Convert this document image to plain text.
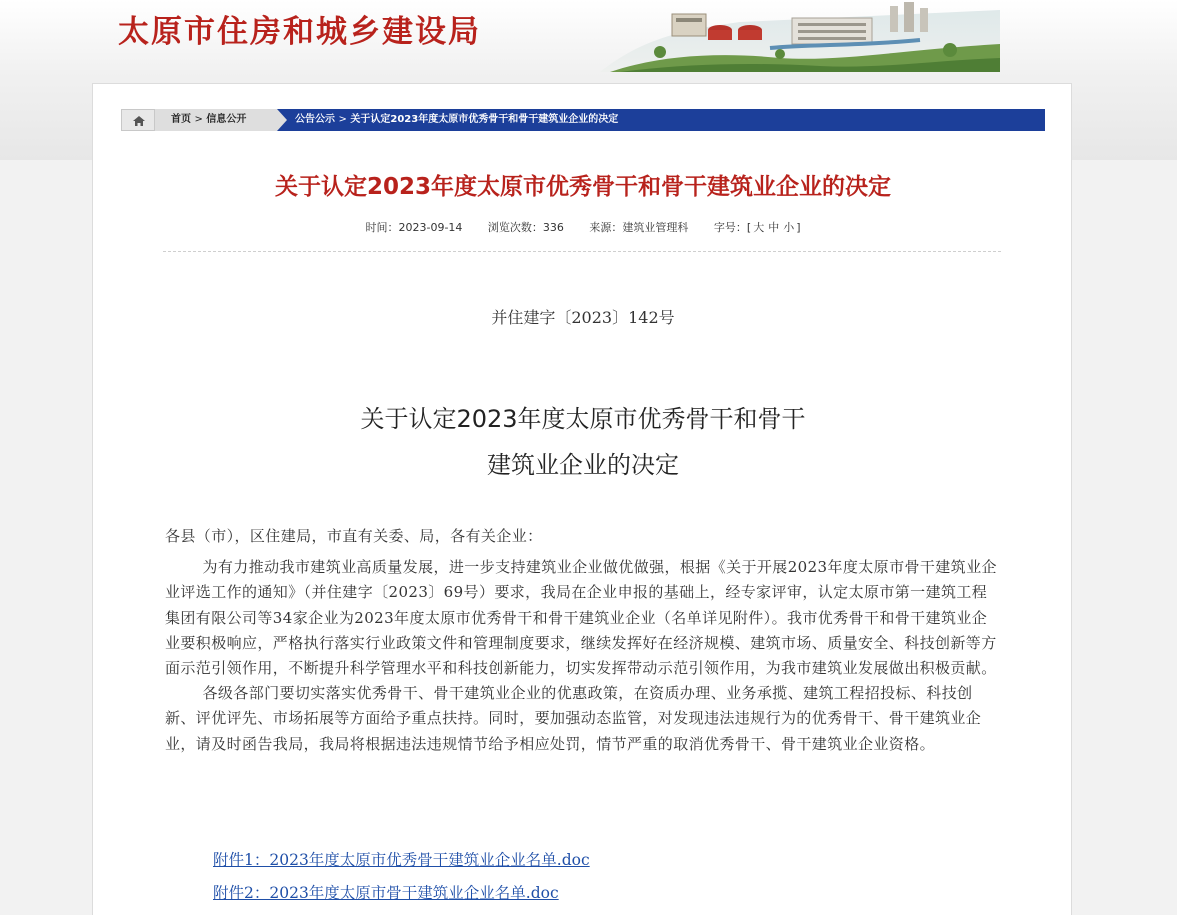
太原市住房和城乡建设局
首页 > 信息公开	公告公示 > 关于认定2023年度太原市优秀骨干和骨干建筑业企业的决定
关于认定2023年度太原市优秀骨干和骨干建筑业企业的决定
时间：2023-09-14 浏览次数：336 来源：建筑业管理科 字号：[ 大 中 小 ]
并住建字〔2023〕142号
关于认定2023年度太原市优秀骨干和骨干
建筑业企业的决定

各县（市），区住建局，市直有关委、局，各有关企业：

为有力推动我市建筑业高质量发展，进一步支持建筑业企业做优做强，根据《关于开展2023年度太原市骨干建筑业企业评选工作的通知》（并住建字〔2023〕69号）要求，我局在企业申报的基础上，经专家评审，认定太原市第一建筑工程集团有限公司等34家企业为2023年度太原市优秀骨干和骨干建筑业企业（名单详见附件）。我市优秀骨干和骨干建筑业企业要积极响应，严格执行落实行业政策文件和管理制度要求，继续发挥好在经济规模、建筑市场、质量安全、科技创新等方面示范引领作用，不断提升科学管理水平和科技创新能力，切实发挥带动示范引领作用，为我市建筑业发展做出积极贡献。

各级各部门要切实落实优秀骨干、骨干建筑业企业的优惠政策，在资质办理、业务承揽、建筑工程招投标、科技创新、评优评先、市场拓展等方面给予重点扶持。同时，要加强动态监管，对发现违法违规行为的优秀骨干、骨干建筑业企业，请及时函告我局，我局将根据违法违规情节给予相应处罚，情节严重的取消优秀骨干、骨干建筑业企业资格。

附件1：2023年度太原市优秀骨干建筑业企业名单.doc
附件2：2023年度太原市骨干建筑业企业名单.doc
